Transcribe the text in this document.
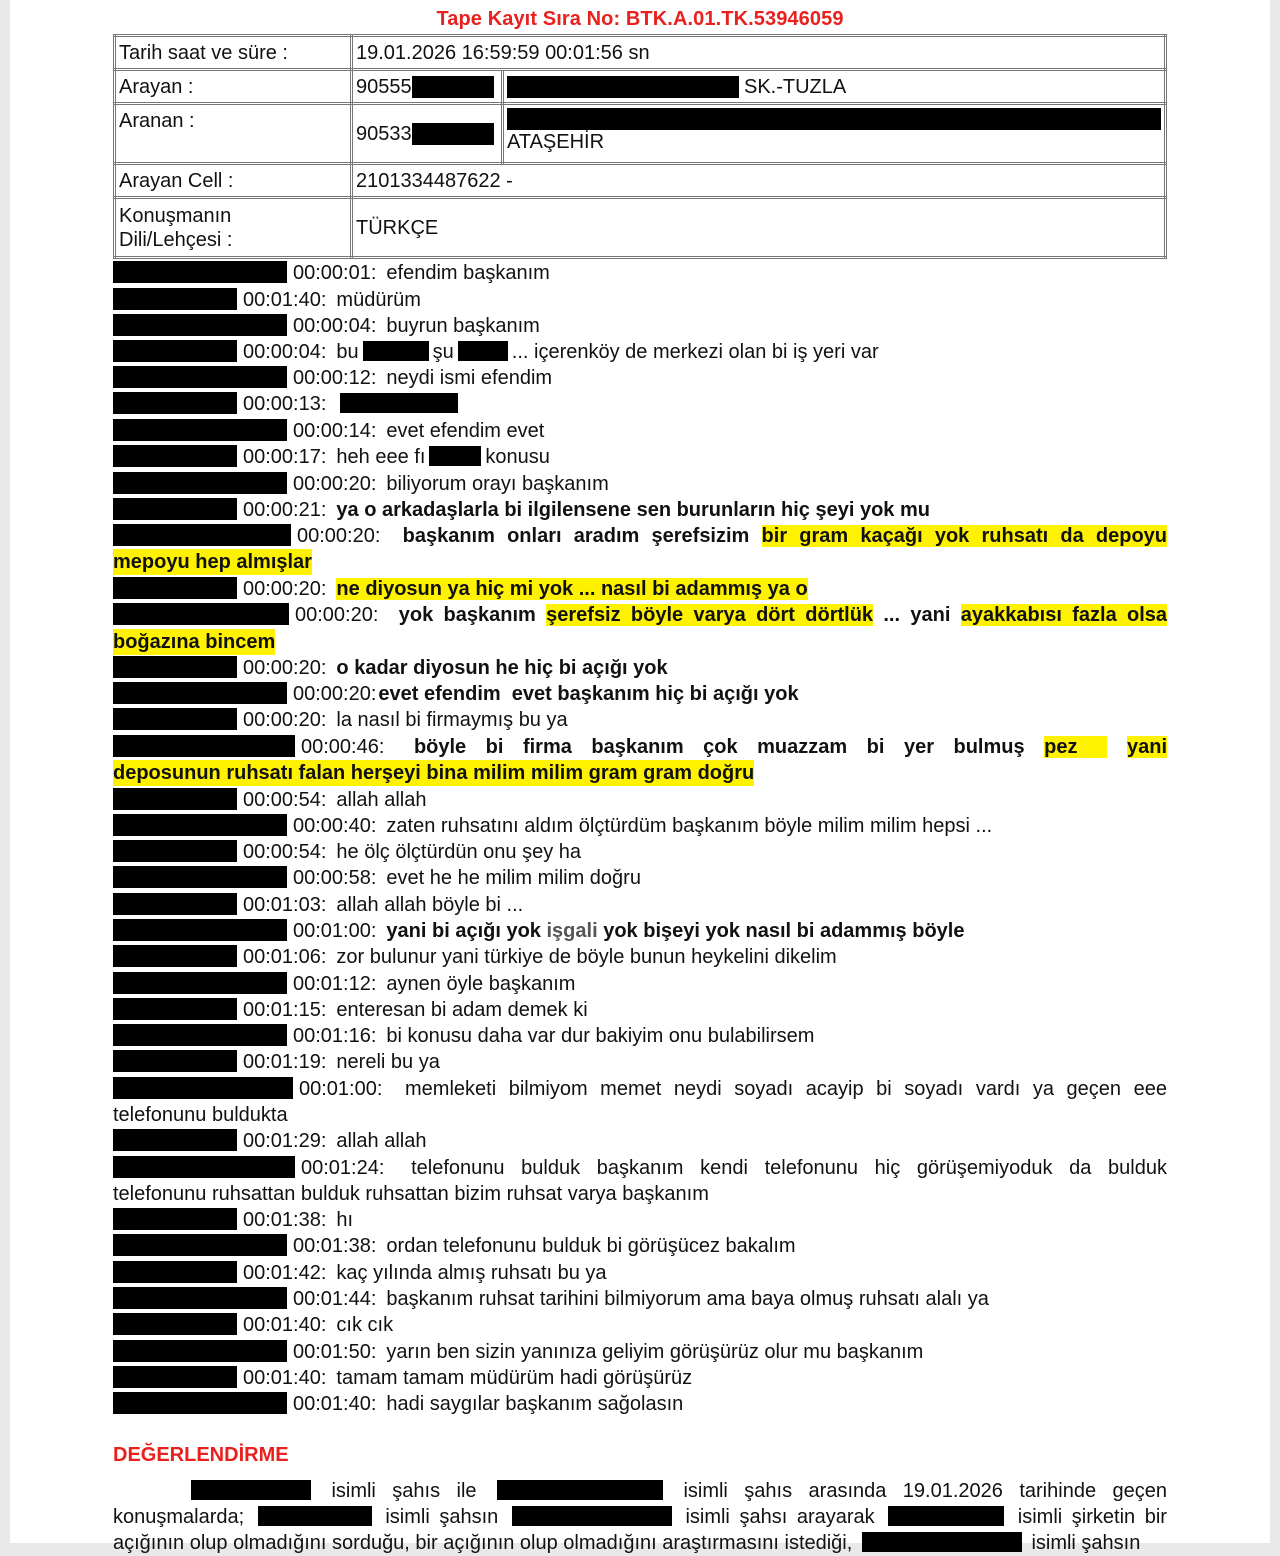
Tape Kayıt Sıra No: BTK.A.01.TK.53946059
Tarih saat ve süre :	19.01.2026 16:59:59 00:01:56 sn	
Arayan :	90555	SK.-TUZLA
Aranan :	90533	ATAŞEHİR
Arayan Cell :	2101334487622 -	
Konuşmanın
Dili/Lehçesi :	TÜRKÇE	
00:00:01: efendim başkanım
00:01:40: müdürüm
00:00:04: buyrun başkanım
00:00:04: bu	şu	... içerenköy de merkezi olan bi iş yeri var
00:00:12: neydi ismi efendim
00:00:13:
00:00:14: evet efendim evet
00:00:17: heh eee fı	konusu
00:00:20: biliyorum orayı başkanım
00:00:21: ya o arkadaşlarla bi ilgilensene sen burunların hiç şeyi yok mu
00:00:20: başkanım onları aradım şerefsizim bir gram kaçağı yok ruhsatı da depoyu
mepoyu hep almışlar
00:00:20: ne diyosun ya hiç mi yok ... nasıl bi adammış ya o
00:00:20: yok başkanım şerefsiz böyle varya dört dörtlük ... yani ayakkabısı fazla olsa
boğazına bincem
00:00:20: o kadar diyosun he hiç bi açığı yok
00:00:20: evet efendim  evet başkanım hiç bi açığı yok
00:00:20: la nasıl bi firmaymış bu ya
00:00:46: böyle bi firma başkanım çok muazzam bi yer bulmuş pez yani
deposunun ruhsatı falan herşeyi bina milim milim gram gram doğru
00:00:54: allah allah
00:00:40: zaten ruhsatını aldım ölçtürdüm başkanım böyle milim milim hepsi ...
00:00:54: he ölç ölçtürdün onu şey ha
00:00:58: evet he he milim milim doğru
00:01:03: allah allah böyle bi ...
00:01:00: yani bi açığı yok işgali yok bişeyi yok nasıl bi adammış böyle
00:01:06: zor bulunur yani türkiye de böyle bunun heykelini dikelim
00:01:12: aynen öyle başkanım
00:01:15: enteresan bi adam demek ki
00:01:16: bi konusu daha var dur bakiyim onu bulabilirsem
00:01:19: nereli bu ya
00:01:00: memleketi bilmiyom memet neydi soyadı acayip bi soyadı vardı ya geçen eee
telefonunu buldukta
00:01:29: allah allah
00:01:24: telefonunu bulduk başkanım kendi telefonunu hiç görüşemiyoduk da bulduk
telefonunu ruhsattan bulduk ruhsattan bizim ruhsat varya başkanım
00:01:38: hı
00:01:38: ordan telefonunu bulduk bi görüşücez bakalım
00:01:42: kaç yılında almış ruhsatı bu ya
00:01:44: başkanım ruhsat tarihini bilmiyorum ama baya olmuş ruhsatı alalı ya
00:01:40: cık cık
00:01:50: yarın ben sizin yanınıza geliyim görüşürüz olur mu başkanım
00:01:40: tamam tamam müdürüm hadi görüşürüz
00:01:40: hadi saygılar başkanım sağolasın
DEĞERLENDİRME
isimli şahıs ile	isimli şahıs arasında 19.01.2026 tarihinde geçen
konuşmalarda;	isimli şahsın	isimli şahsı arayarak	isimli şirketin bir
açığının olup olmadığını sorduğu, bir açığının olup olmadığını araştırmasını istediği,	isimli şahsın
